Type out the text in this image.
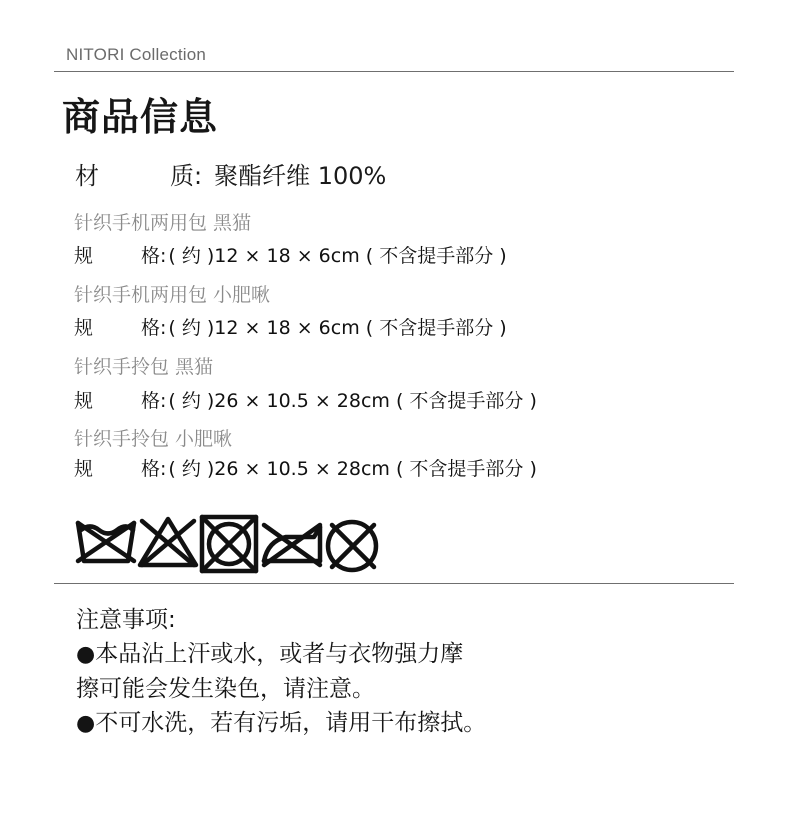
NITORI Collection
商品信息
材	质: 聚酯纤维 100%
针织手机两用包 黑猫
规	格: ( 约 )12 × 18 × 6cm ( 不含提手部分 )
针织手机两用包 小肥啾
规	格: ( 约 )12 × 18 × 6cm ( 不含提手部分 )
针织手拎包 黑猫
规	格: ( 约 )26 × 10.5 × 28cm ( 不含提手部分 )
针织手拎包 小肥啾
规	格: ( 约 )26 × 10.5 × 28cm ( 不含提手部分 )
注意事项:
●本品沾上汗或水，或者与衣物强力摩
擦可能会发生染色，请注意。
●不可水洗，若有污垢，请用干布擦拭。
